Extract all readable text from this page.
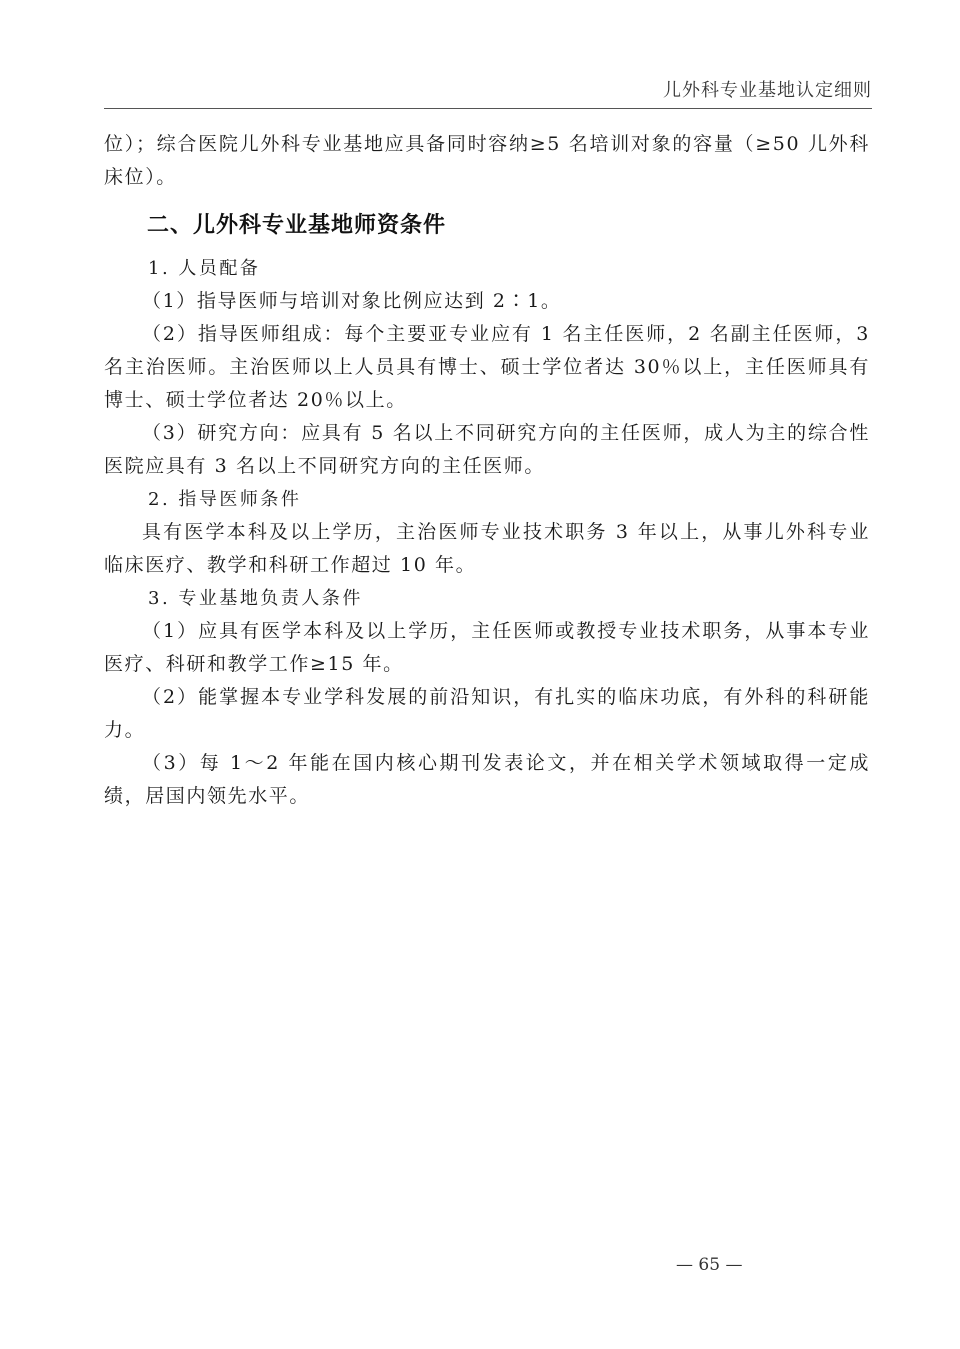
儿外科专业基地认定细则

位）；综合医院儿外科专业基地应具备同时容纳≥5 名培训对象的容量（≥50 儿外科床位）。

二、儿外科专业基地师资条件

1. 人员配备

（1）指导医师与培训对象比例应达到 2∶1。

（2）指导医师组成：每个主要亚专业应有 1 名主任医师，2 名副主任医师，3 名主治医师。主治医师以上人员具有博士、硕士学位者达 30％以上，主任医师具有博士、硕士学位者达 20％以上。

（3）研究方向：应具有 5 名以上不同研究方向的主任医师，成人为主的综合性医院应具有 3 名以上不同研究方向的主任医师。

2. 指导医师条件

具有医学本科及以上学历，主治医师专业技术职务 3 年以上，从事儿外科专业临床医疗、教学和科研工作超过 10 年。

3. 专业基地负责人条件

（1）应具有医学本科及以上学历，主任医师或教授专业技术职务，从事本专业医疗、科研和教学工作≥15 年。

（2）能掌握本专业学科发展的前沿知识，有扎实的临床功底，有外科的科研能力。

（3）每 1～2 年能在国内核心期刊发表论文，并在相关学术领域取得一定成绩，居国内领先水平。

— 65 —
